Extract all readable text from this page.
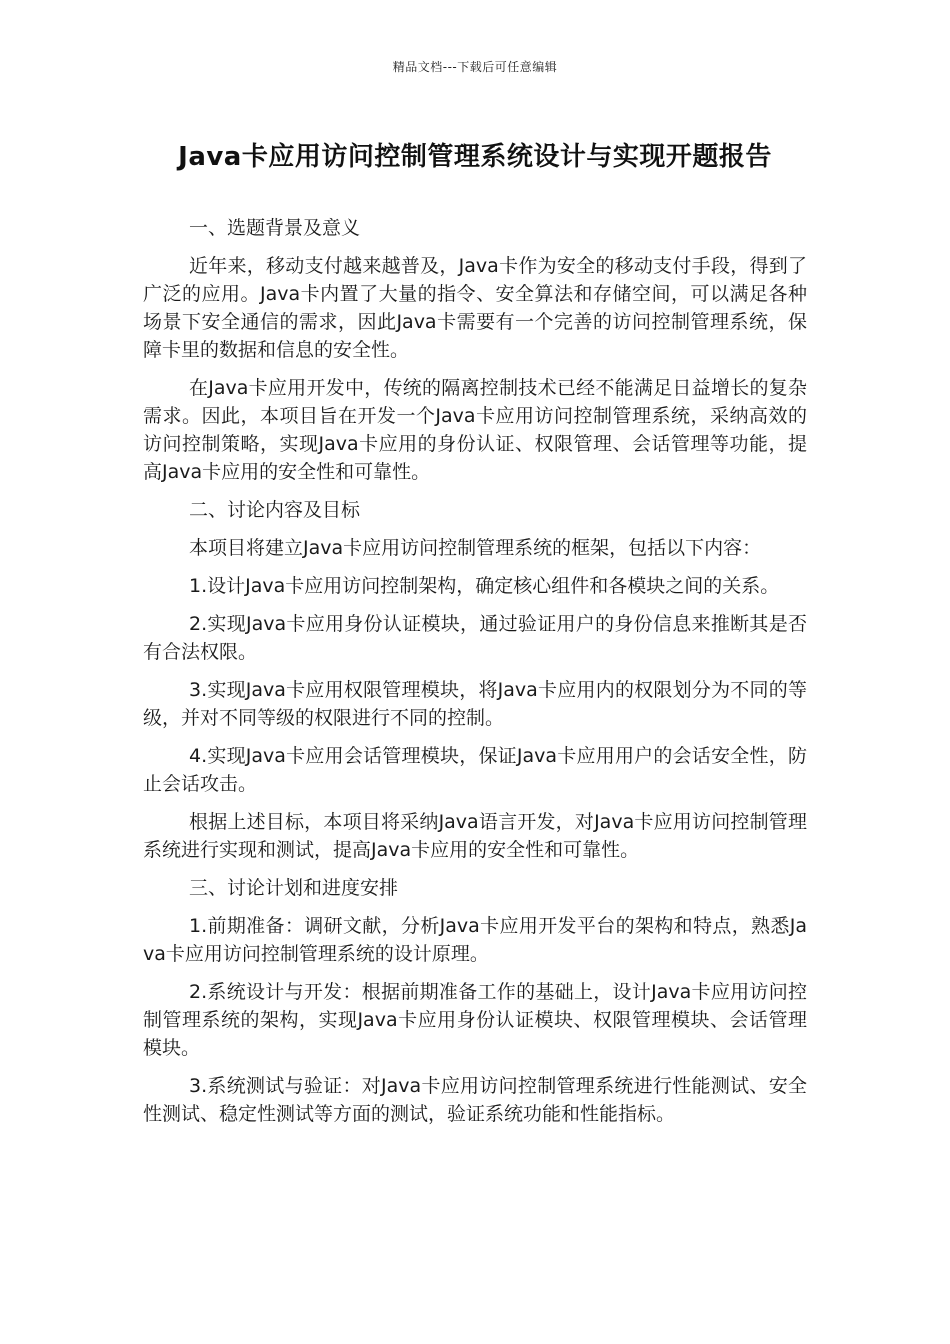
精品文档---下载后可任意编辑
Java卡应用访问控制管理系统设计与实现开题报告

一、选题背景及意义

近年来，移动支付越来越普及，Java卡作为安全的移动支付手段，得到了广泛的应用。Java卡内置了大量的指令、安全算法和存储空间，可以满足各种场景下安全通信的需求，因此Java卡需要有一个完善的访问控制管理系统，保障卡里的数据和信息的安全性。

在Java卡应用开发中，传统的隔离控制技术已经不能满足日益增长的复杂需求。因此，本项目旨在开发一个Java卡应用访问控制管理系统，采纳高效的访问控制策略，实现Java卡应用的身份认证、权限管理、会话管理等功能，提高Java卡应用的安全性和可靠性。

二、讨论内容及目标

本项目将建立Java卡应用访问控制管理系统的框架，包括以下内容：

1.设计Java卡应用访问控制架构，确定核心组件和各模块之间的关系。

2.实现Java卡应用身份认证模块，通过验证用户的身份信息来推断其是否有合法权限。

3.实现Java卡应用权限管理模块，将Java卡应用内的权限划分为不同的等级，并对不同等级的权限进行不同的控制。

4.实现Java卡应用会话管理模块，保证Java卡应用用户的会话安全性，防止会话攻击。

根据上述目标，本项目将采纳Java语言开发，对Java卡应用访问控制管理系统进行实现和测试，提高Java卡应用的安全性和可靠性。

三、讨论计划和进度安排

1.前期准备：调研文献，分析Java卡应用开发平台的架构和特点，熟悉Java卡应用访问控制管理系统的设计原理。

2.系统设计与开发：根据前期准备工作的基础上，设计Java卡应用访问控制管理系统的架构，实现Java卡应用身份认证模块、权限管理模块、会话管理模块。

3.系统测试与验证：对Java卡应用访问控制管理系统进行性能测试、安全性测试、稳定性测试等方面的测试，验证系统功能和性能指标。
